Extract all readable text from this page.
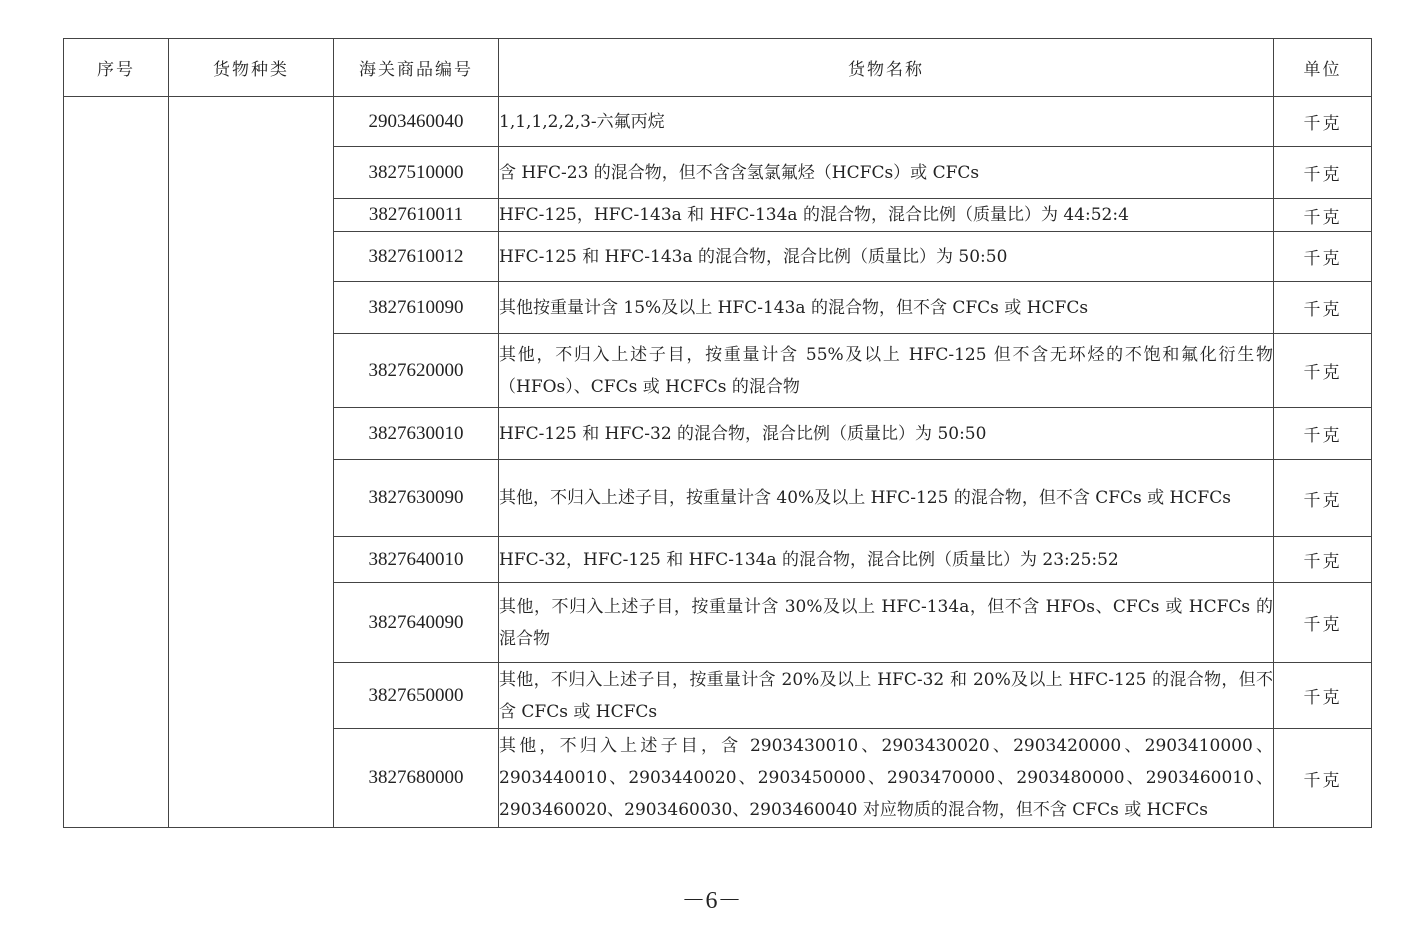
序号	货物种类	海关商品编号	货物名称	单位
		2903460040	1,1,1,2,2,3-六氟丙烷	千克
		3827510000	含 HFC-23 的混合物，但不含含氢氯氟烃（HCFCs）或 CFCs	千克
		3827610011	HFC-125，HFC-143a 和 HFC-134a 的混合物，混合比例（质量比）为 44:52:4	千克
		3827610012	HFC-125 和 HFC-143a 的混合物，混合比例（质量比）为 50:50	千克
		3827610090	其他按重量计含 15%及以上 HFC-143a 的混合物，但不含 CFCs 或 HCFCs	千克
		3827620000	其他，不归入上述子目，按重量计含 55%及以上 HFC-125 但不含无环烃的不饱和氟化衍生物（HFOs）、CFCs 或 HCFCs 的混合物	千克
		3827630010	HFC-125 和 HFC-32 的混合物，混合比例（质量比）为 50:50	千克
		3827630090	其他，不归入上述子目，按重量计含 40%及以上 HFC-125 的混合物，但不含 CFCs 或 HCFCs	千克
		3827640010	HFC-32，HFC-125 和 HFC-134a 的混合物，混合比例（质量比）为 23:25:52	千克
		3827640090	其他，不归入上述子目，按重量计含 30%及以上 HFC-134a，但不含 HFOs、CFCs 或 HCFCs 的混合物	千克
		3827650000	其他，不归入上述子目，按重量计含 20%及以上 HFC-32 和 20%及以上 HFC-125 的混合物，但不含 CFCs 或 HCFCs	千克
		3827680000	其他，不归入上述子目，含 2903430010、2903430020、2903420000、2903410000、2903440010、2903440020、2903450000、2903470000、2903480000、2903460010、2903460020、2903460030、2903460040 对应物质的混合物，但不含 CFCs 或 HCFCs	千克
－6－
